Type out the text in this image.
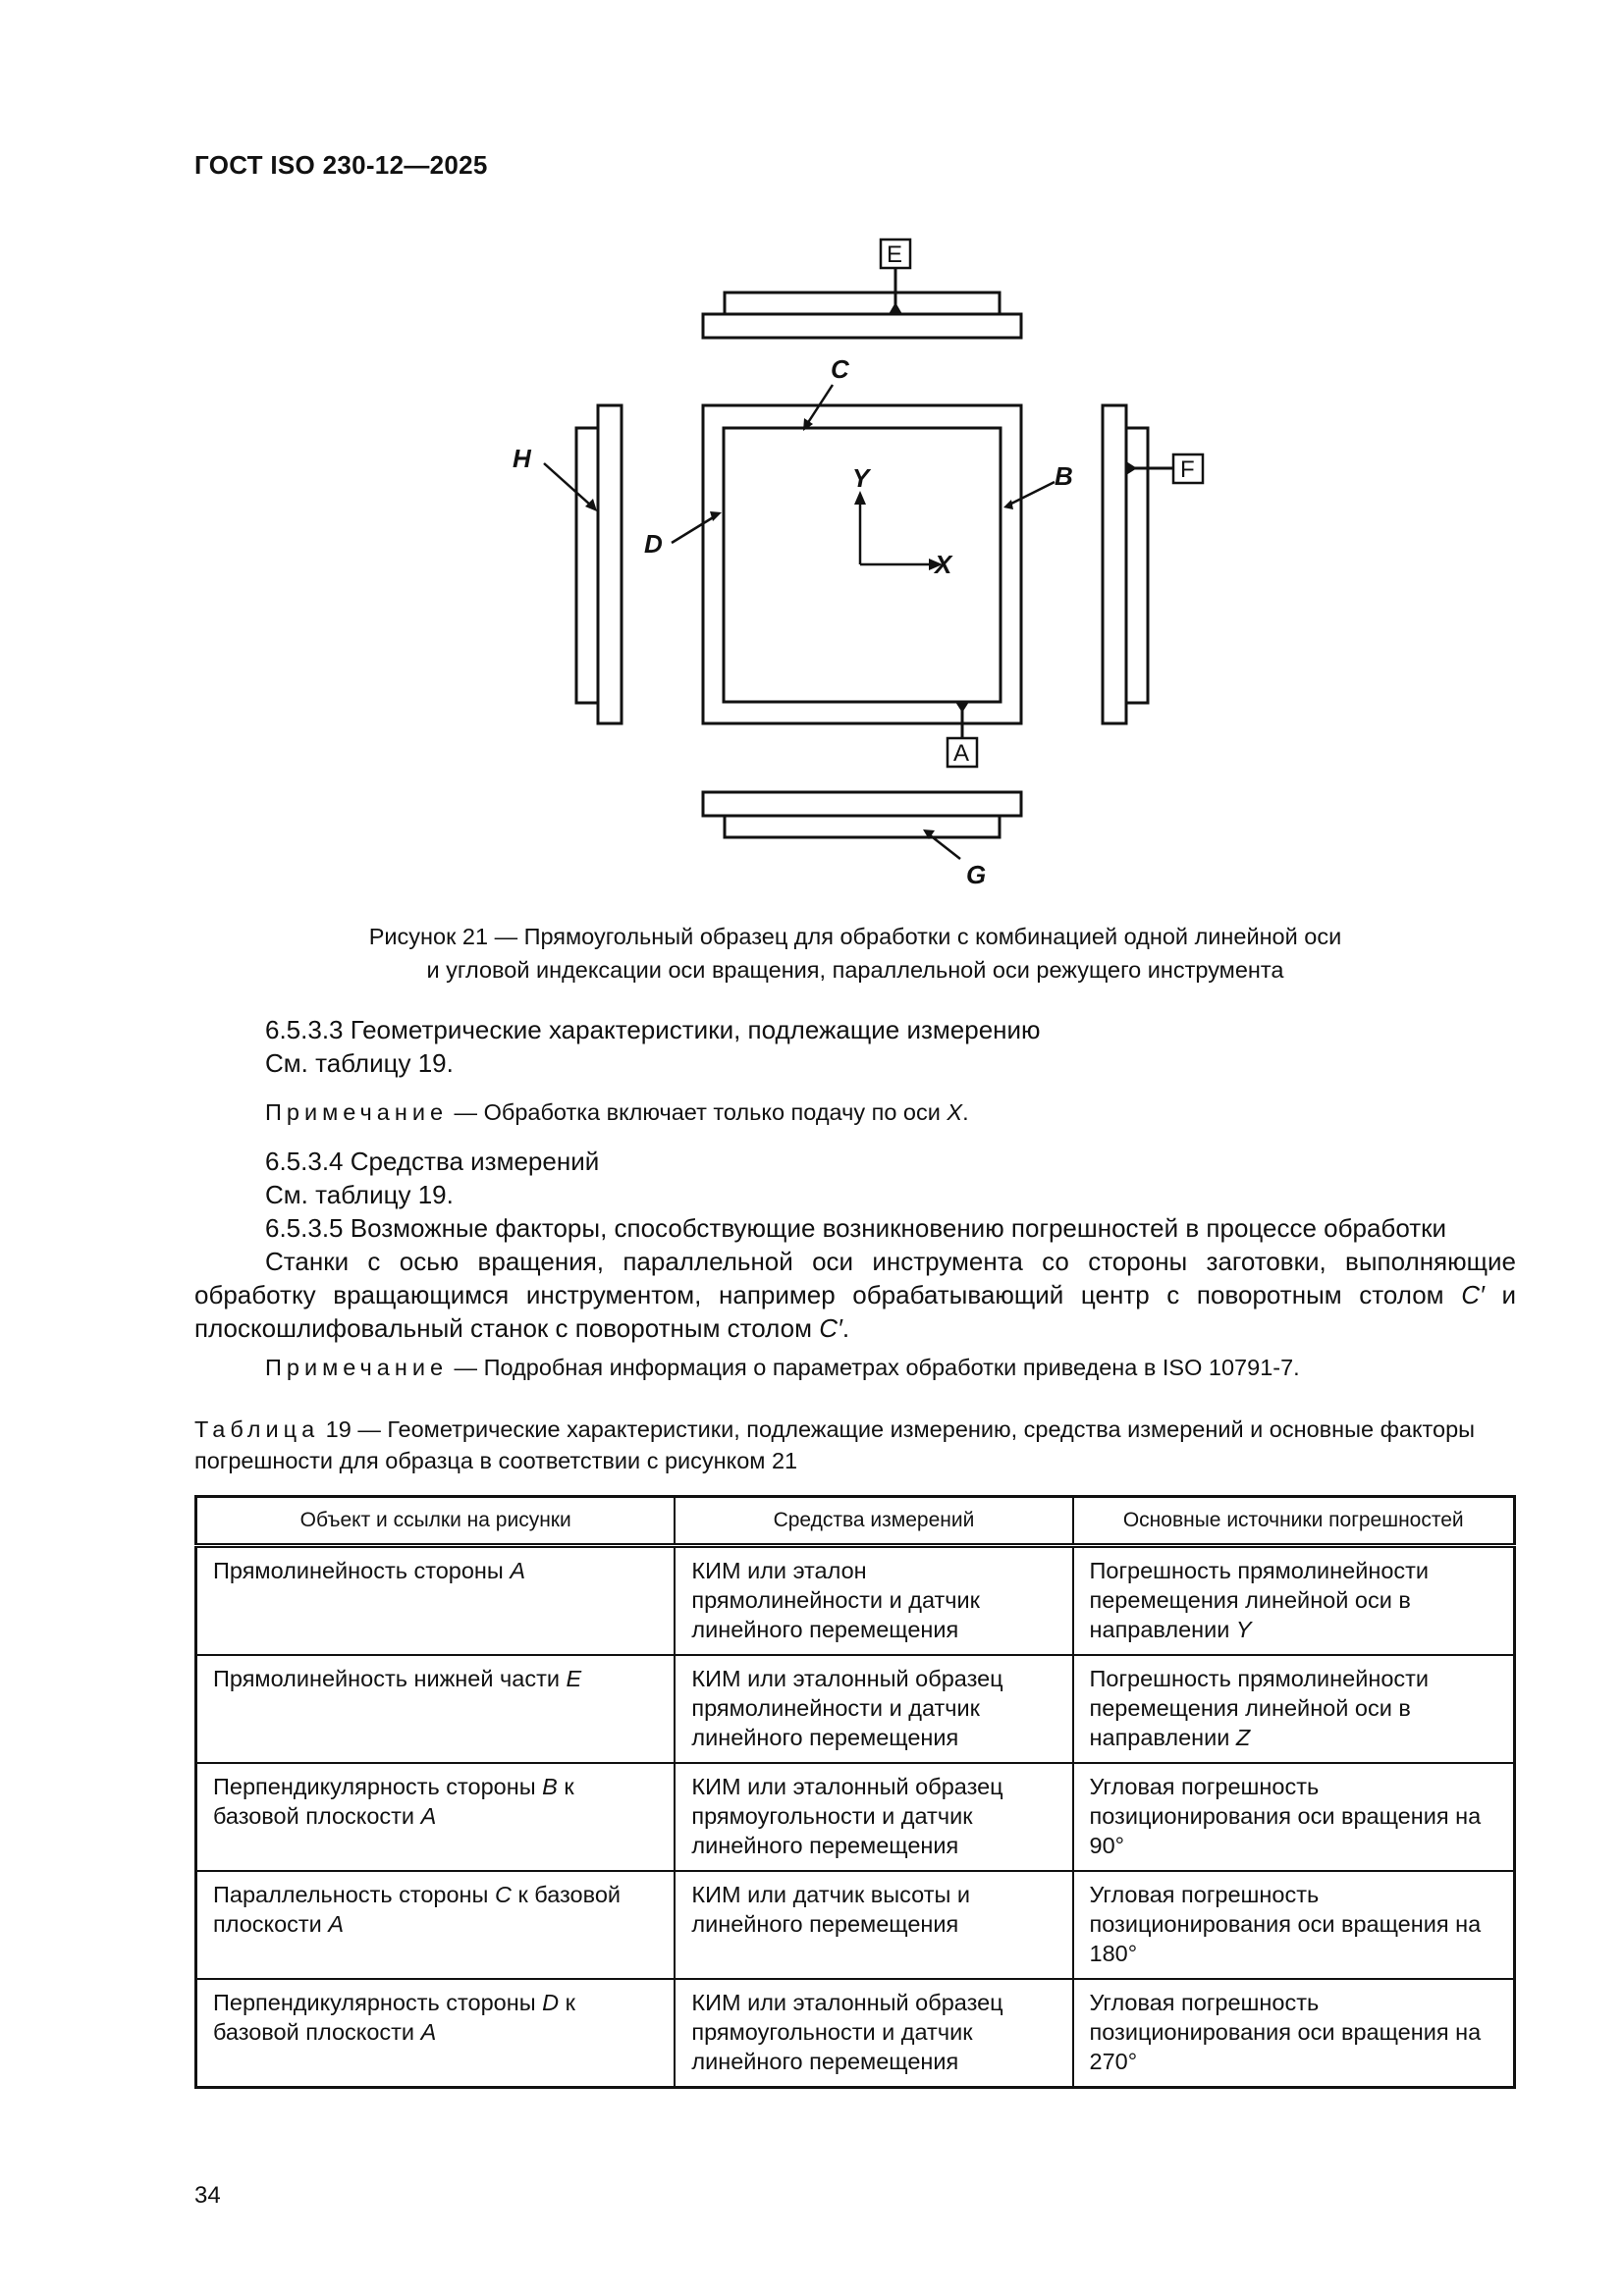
ГОСТ ISO 230-12—2025
E
F
A
C
H
B
D
Y
X
G
Рисунок 21 — Прямоугольный образец для обработки с комбинацией одной линейной оси
и угловой индексации оси вращения, параллельной оси режущего инструмента
6.5.3.3 Геометрические характеристики, подлежащие измерению
См. таблицу 19.
Примечание — Обработка включает только подачу по оси X.
6.5.3.4 Средства измерений
См. таблицу 19.
6.5.3.5 Возможные факторы, способствующие возникновению погрешностей в процессе обработки
Станки с осью вращения, параллельной оси инструмента со стороны заготовки, выполняющие обработку вращающимся инструментом, например обрабатывающий центр с поворотным столом C′ и плоскошлифовальный станок с поворотным столом C′.
Примечание — Подробная информация о параметрах обработки приведена в ISO 10791-7.
Таблица 19 — Геометрические характеристики, подлежащие измерению, средства измерений и основные факторы погрешности для образца в соответствии с рисунком 21
Объект и ссылки на рисунки	Средства измерений	Основные источники погрешностей
Прямолинейность стороны A	КИМ или эталон прямолинейности и датчик линейного перемещения	Погрешность прямолинейности перемещения линейной оси в направлении Y
Прямолинейность нижней части E	КИМ или эталонный образец прямолинейности и датчик линейного перемещения	Погрешность прямолинейности перемещения линейной оси в направлении Z
Перпендикулярность стороны B к базовой плоскости A	КИМ или эталонный образец прямоугольности и датчик линейного перемещения	Угловая погрешность позиционирования оси вращения на 90°
Параллельность стороны C к базовой плоскости A	КИМ или датчик высоты и линейного перемещения	Угловая погрешность позиционирования оси вращения на 180°
Перпендикулярность стороны D к базовой плоскости A	КИМ или эталонный образец прямоугольности и датчик линейного перемещения	Угловая погрешность позиционирования оси вращения на 270°
34
